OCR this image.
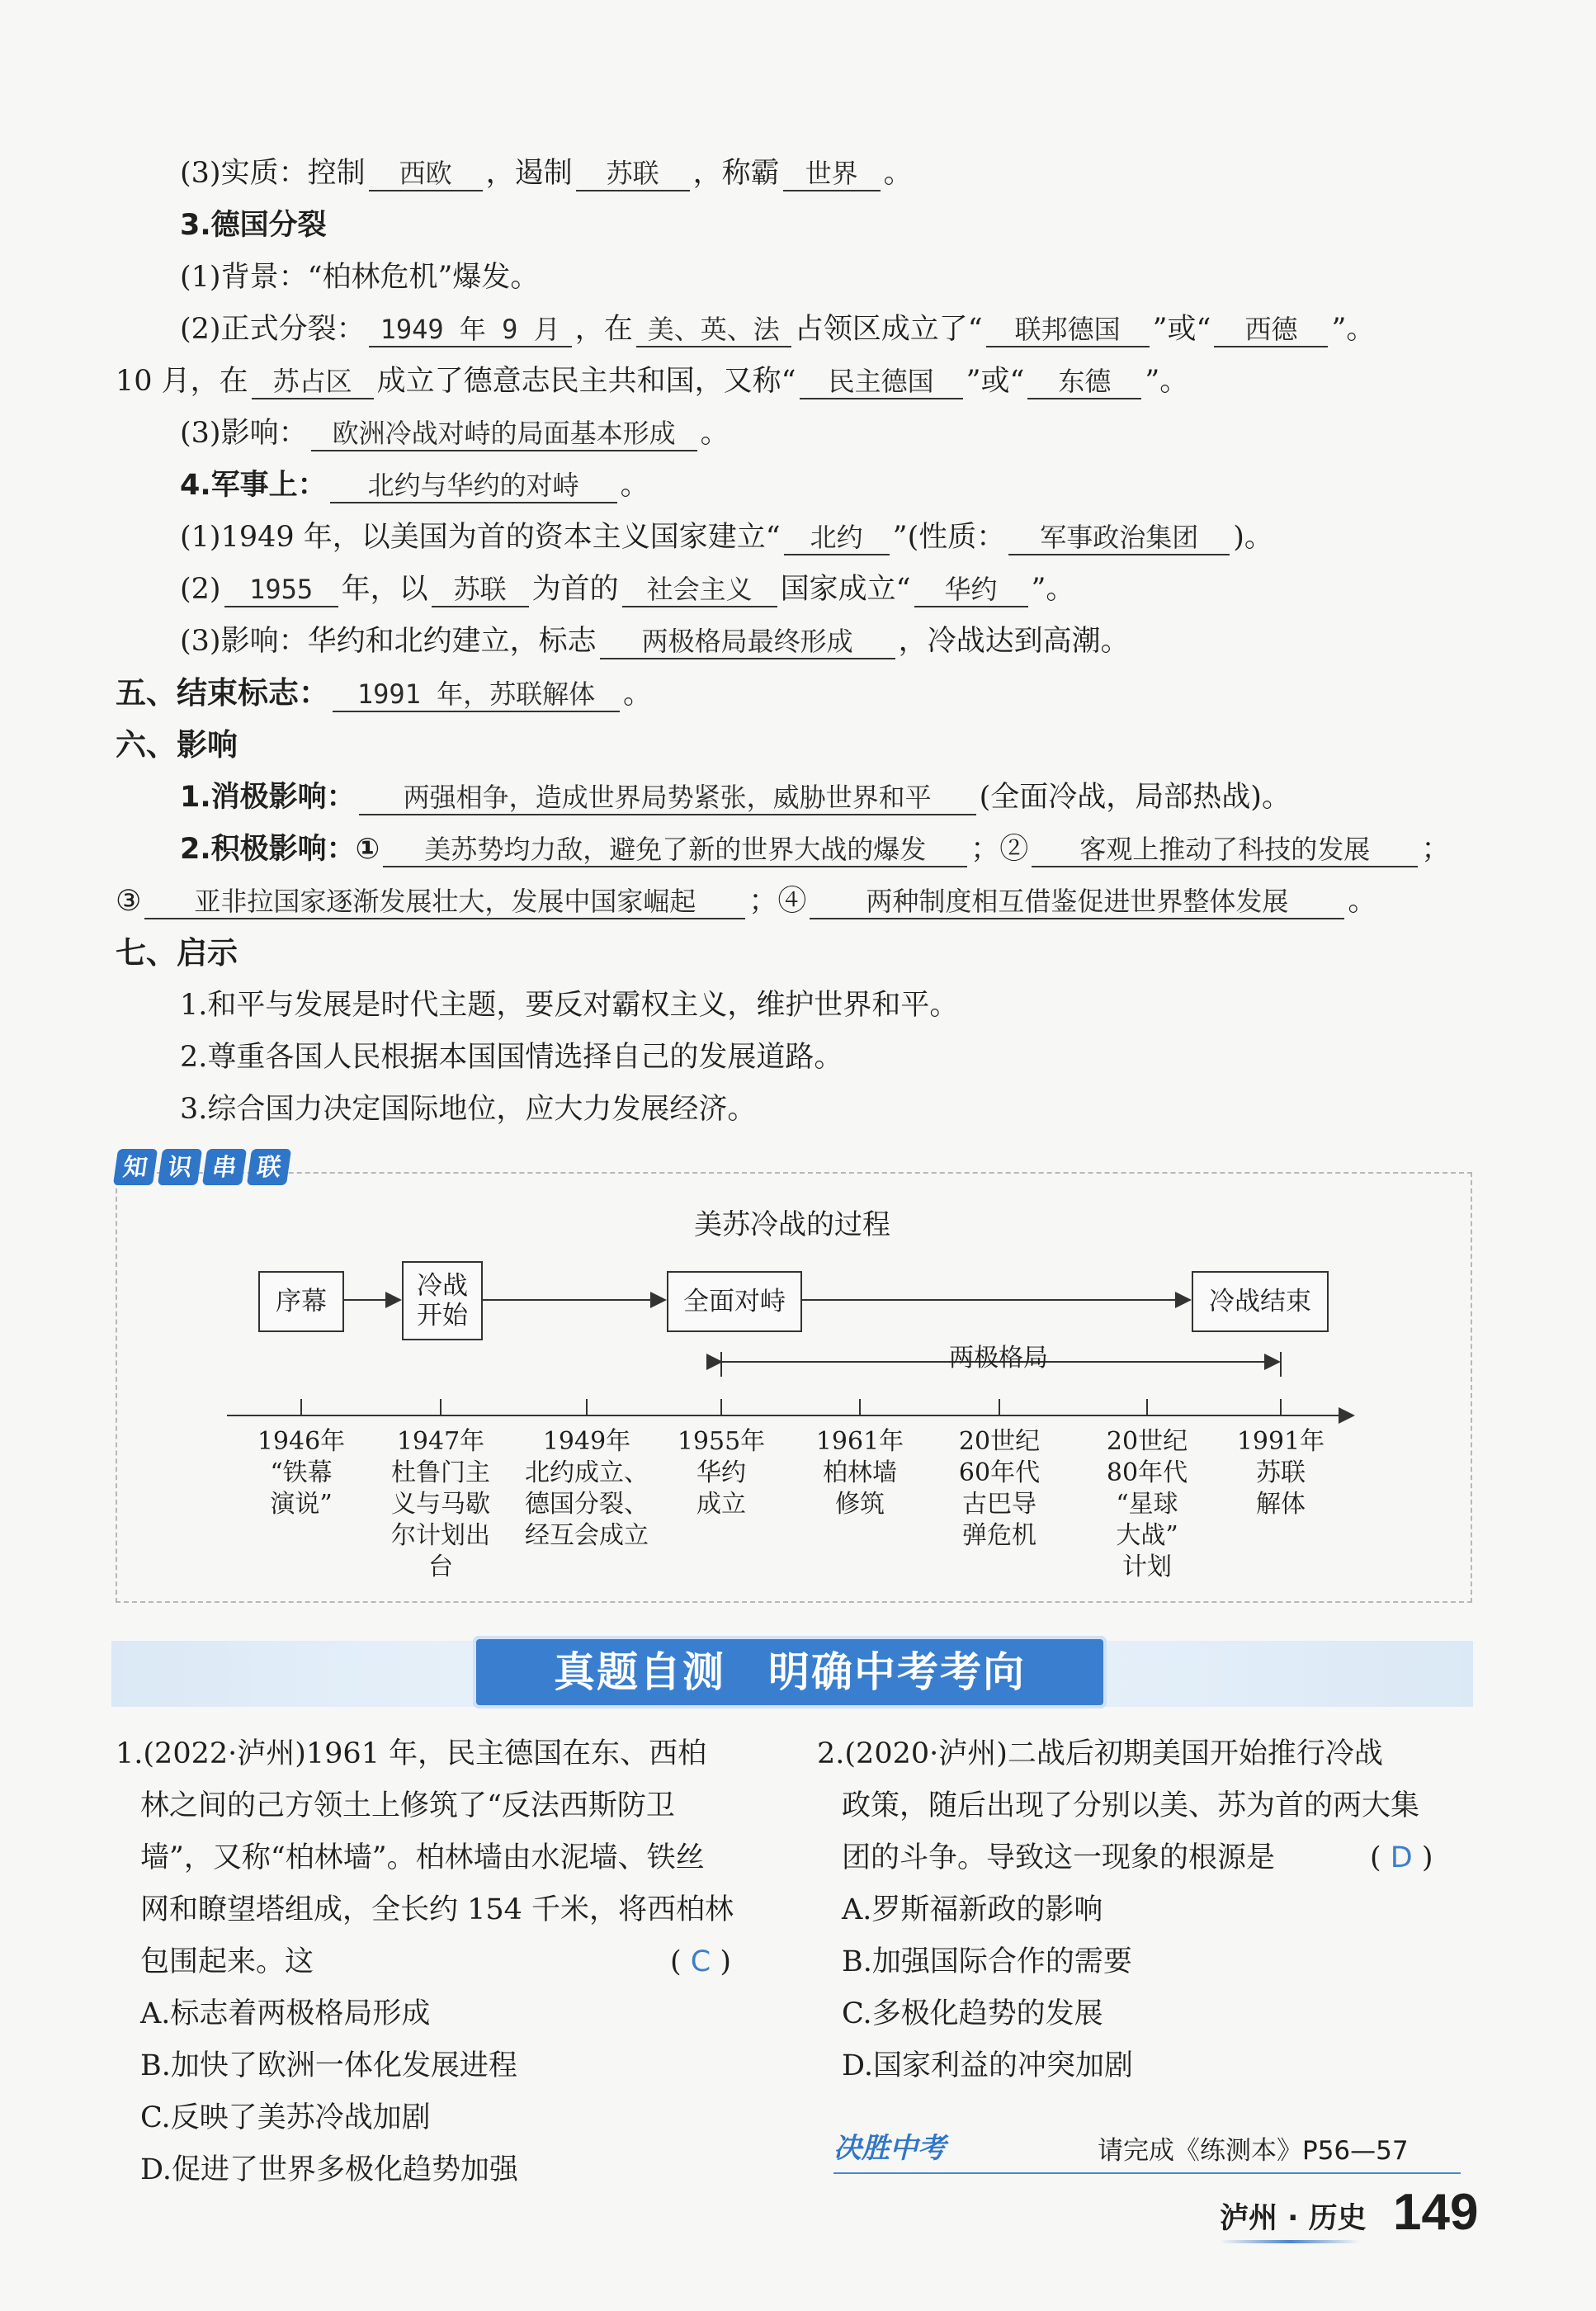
(3)实质：控制 西欧 ，遏制 苏联 ，称霸 世界 。
3.德国分裂
(1)背景：“柏林危机”爆发。
(2)正式分裂： 1949 年 9 月 ，在 美、英、法 占领区成立了“ 联邦德国 ”或“ 西德 ”。
10 月，在 苏占区 成立了德意志民主共和国，又称“ 民主德国 ”或“ 东德 ”。
(3)影响： 欧洲冷战对峙的局面基本形成 。
4.军事上： 北约与华约的对峙 。
(1)1949 年，以美国为首的资本主义国家建立“ 北约 ”(性质： 军事政治集团 )。
(2) 1955 年，以 苏联 为首的 社会主义 国家成立“ 华约 ”。
(3)影响：华约和北约建立，标志 两极格局最终形成 ，冷战达到高潮。
五、结束标志： 1991 年，苏联解体 。
六、影响
1.消极影响： 两强相争，造成世界局势紧张，威胁世界和平 (全面冷战，局部热战)。
2.积极影响：① 美苏势均力敌，避免了新的世界大战的爆发 ；② 客观上推动了科技的发展 ；
③ 亚非拉国家逐渐发展壮大，发展中国家崛起 ；④ 两种制度相互借鉴促进世界整体发展 。
七、启示
1.和平与发展是时代主题，要反对霸权主义，维护世界和平。
2.尊重各国人民根据本国国情选择自己的发展道路。
3.综合国力决定国际地位，应大力发展经济。
知 识 串 联
美苏冷战的过程
序幕
冷战
开始	全面对峙	冷战结束
两极格局
1946年
“铁幕
演说”
1947年
杜鲁门主
义与马歇
尔计划出
台
1949年
北约成立、
德国分裂、
经互会成立
1955年
华约
成立
1961年
柏林墙
修筑
20世纪
60年代
古巴导
弹危机
20世纪
80年代
“星球
大战”
计划
1991年
苏联
解体
真题自测　明确中考考向
1.(2022·泸州)1961 年，民主德国在东、西柏
林之间的己方领土上修筑了“反法西斯防卫
墙”，又称“柏林墙”。柏林墙由水泥墙、铁丝
网和瞭望塔组成，全长约 154 千米，将西柏林
包围起来。这	( C )
A.标志着两极格局形成
B.加快了欧洲一体化发展进程
C.反映了美苏冷战加剧
D.促进了世界多极化趋势加强
2.(2020·泸州)二战后初期美国开始推行冷战
政策，随后出现了分别以美、苏为首的两大集
团的斗争。导致这一现象的根源是	( D )
A.罗斯福新政的影响
B.加强国际合作的需要
C.多极化趋势的发展
D.国家利益的冲突加剧
决胜中考	请完成《练测本》P56—57
泸州 · 历史 149
